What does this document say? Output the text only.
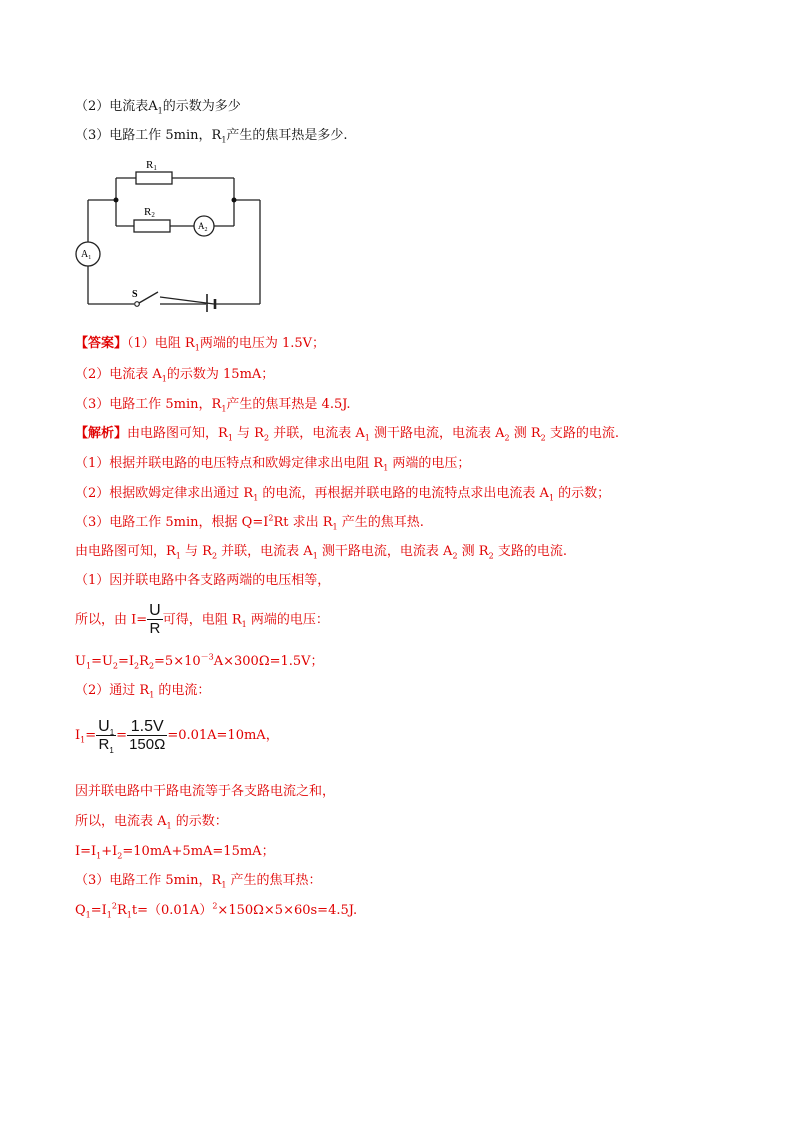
（2）电流表$A_1$的示数为多少
（3）电路工作 5min，$R_1$产生的焦耳热是多少.
R1
R2
$A_2$
$A_1$
S
【答案】（1）电阻 $R_1$两端的电压为 1.5V；
（2）电流表 $A_1$的示数为 15mA；
（3）电路工作 5min，$R_1$产生的焦耳热是 4.5J.
【解析】由电路图可知，$R_1$ 与 $R_2$ 并联，电流表 $A_1$ 测干路电流，电流表 $A_2$ 测 $R_2$ 支路的电流.
（1）根据并联电路的电压特点和欧姆定律求出电阻 $R_1$ 两端的电压；
（2）根据欧姆定律求出通过 $R_1$ 的电流，再根据并联电路的电流特点求出电流表 $A_1$ 的示数；
（3）电路工作 5min，根据 $Q=I^2Rt$ 求出 $R_1$ 产生的焦耳热.
由电路图可知，$R_1$ 与 $R_2$ 并联，电流表 $A_1$ 测干路电流，电流表 $A_2$ 测 $R_2$ 支路的电流.
（1）因并联电路中各支路两端的电压相等，
所以，由 $I= \frac{U}{R}$ 可得，电阻 $R_1$ 两端的电压：
$U_1=U_2=I_2R_2=5\times 10^{-3}A\times 300\Omega=1.5V$；
（2）通过 $R_1$ 的电流：
$I_1= \frac{U_1}{R_1} = \frac{1.5V}{150\Omega} =0.01A=10mA$，
因并联电路中干路电流等于各支路电流之和，
所以，电流表 $A_1$ 的示数：
$I=I_1+I_2=10mA+5mA=15mA$；
（3）电路工作 5min，$R_1$ 产生的焦耳热：
$Q_1=I_1^2R_1t=(0.01A)^2\times 150\Omega\times 5\times 60s=4.5J$.
